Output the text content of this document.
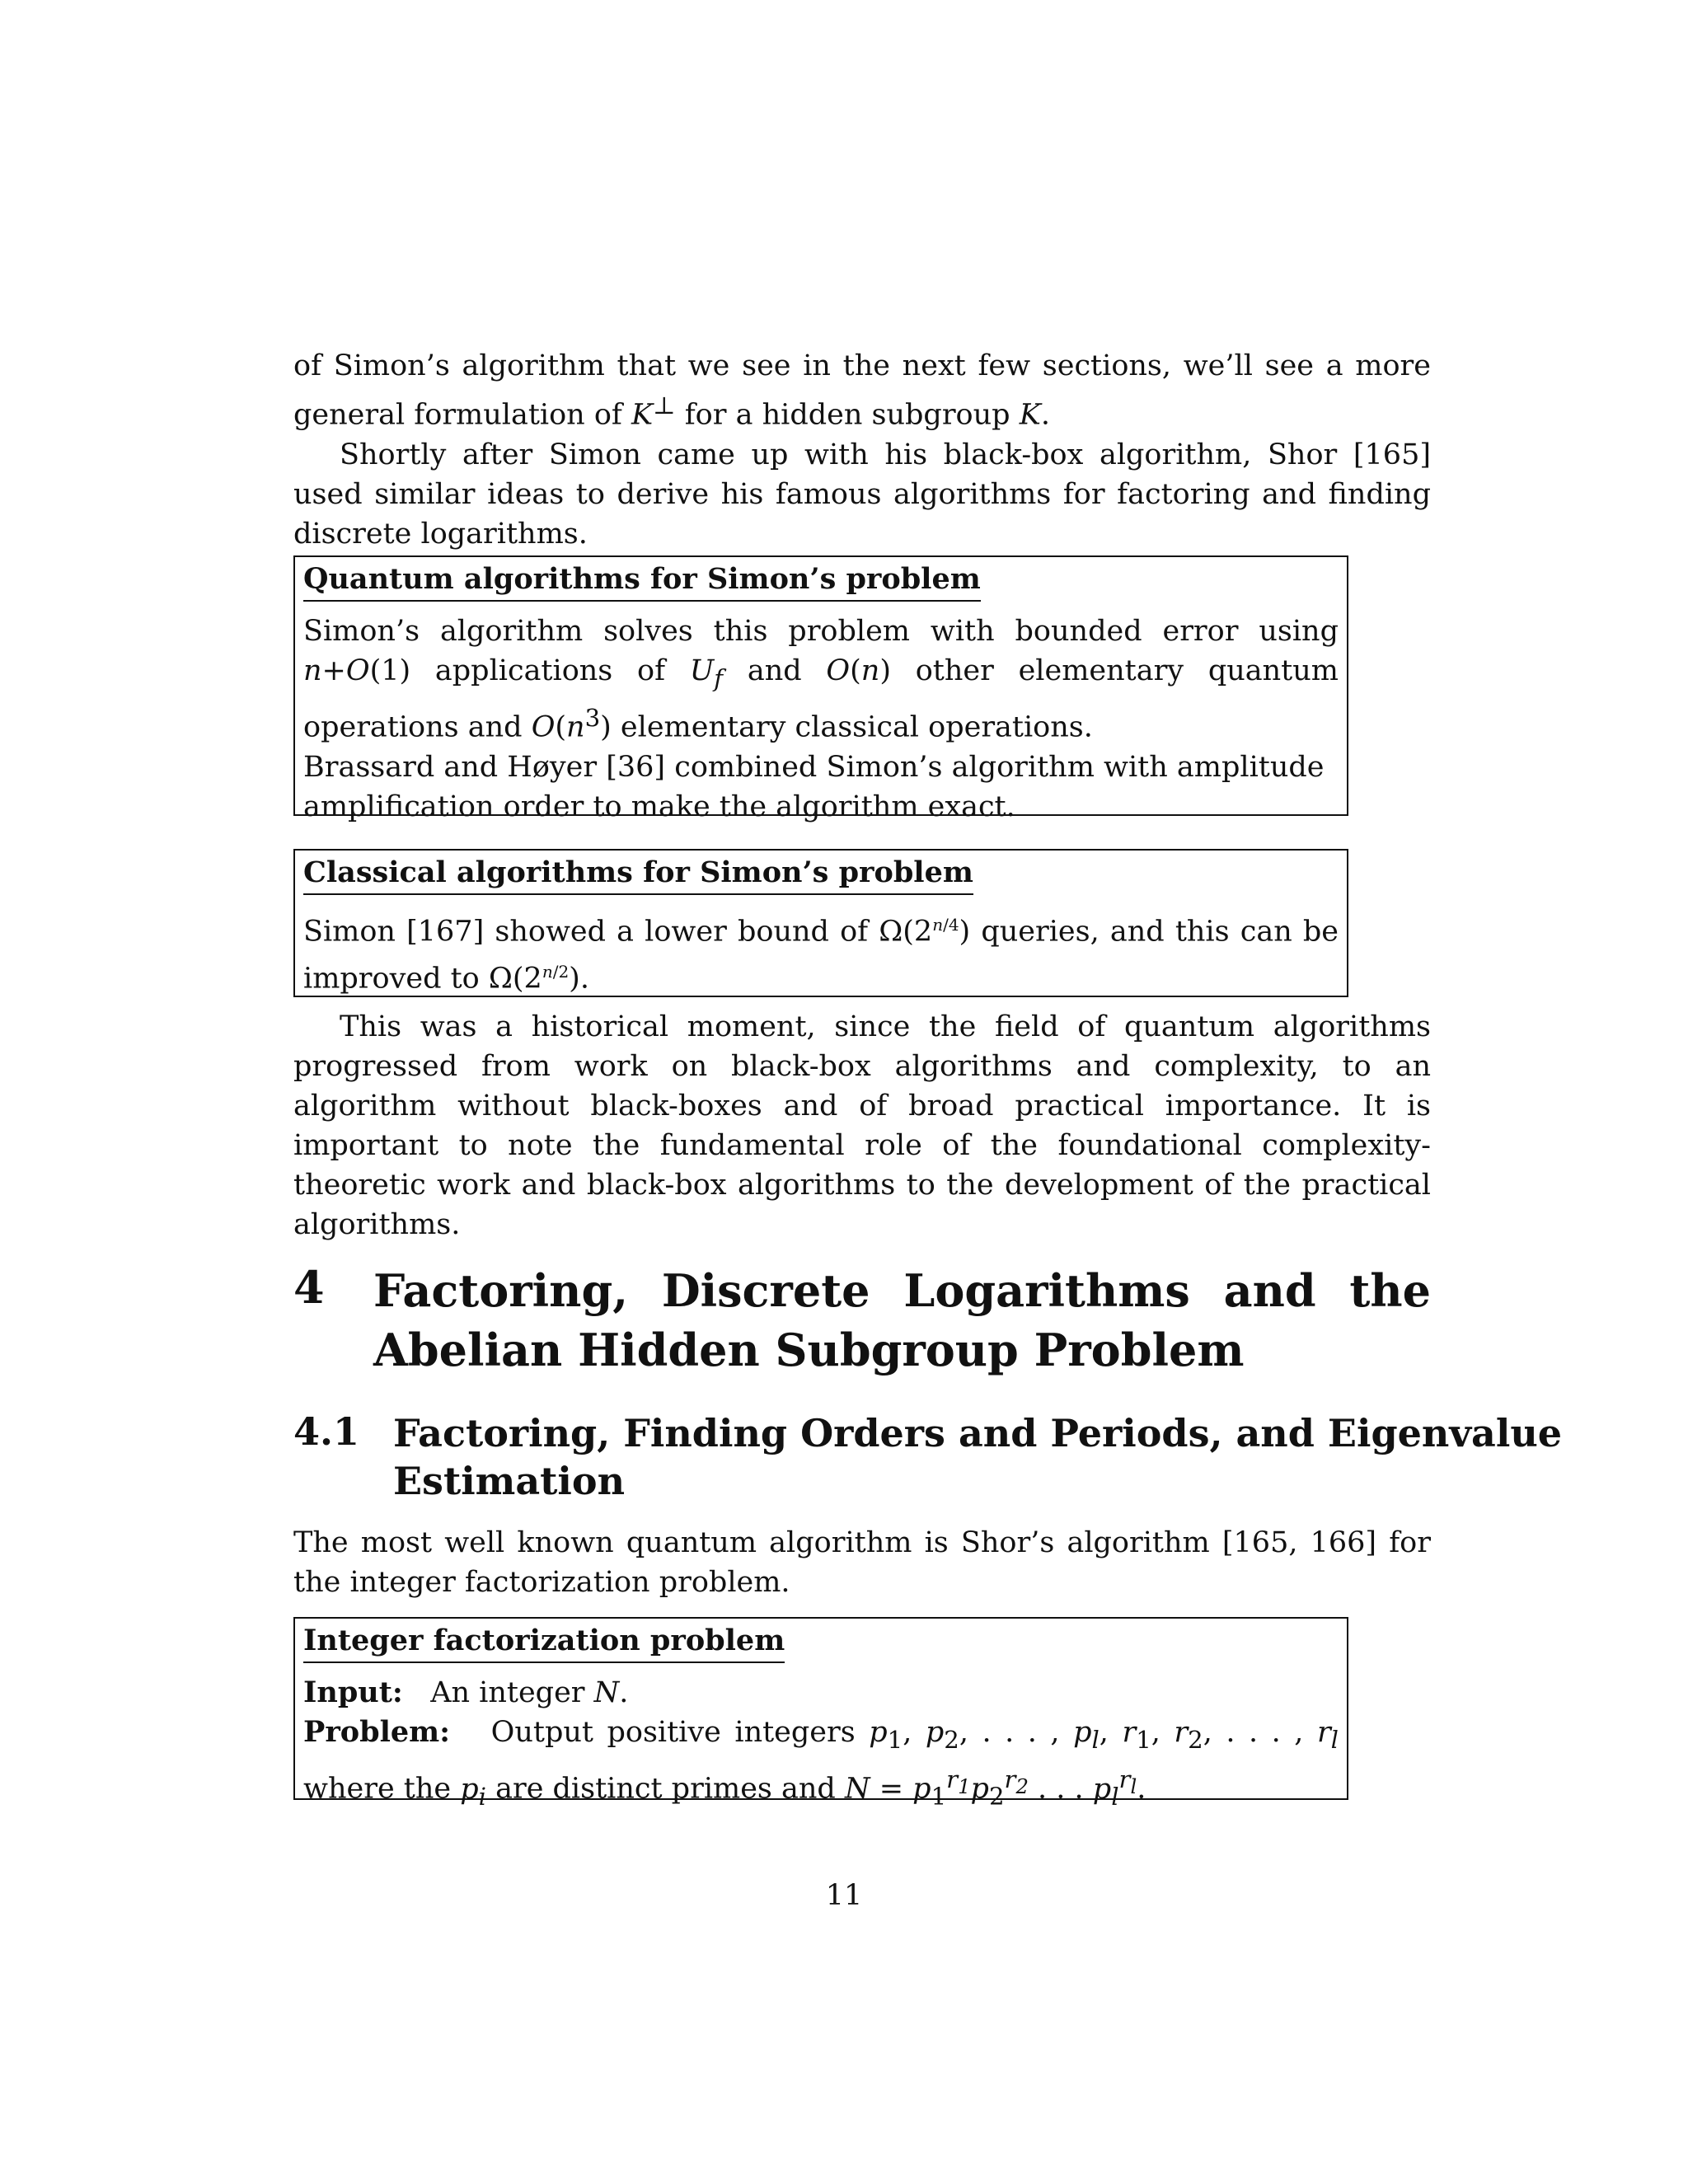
of Simon’s algorithm that we see in the next few sections, we’ll see a more general formulation of K⊥ for a hidden subgroup K.

Shortly after Simon came up with his black-box algorithm, Shor [165] used similar ideas to derive his famous algorithms for factoring and finding discrete logarithms.

Quantum algorithms for Simon’s problem

Simon’s algorithm solves this problem with bounded error using n+O(1) applications of $U_f$ and O(n) other elementary quantum operations and $O(n^3)$ elementary classical operations.

Brassard and Høyer [36] combined Simon’s algorithm with amplitude amplification order to make the algorithm exact.

Classical algorithms for Simon’s problem

Simon [167] showed a lower bound of $\Omega(2^{n/4})$ queries, and this can be improved to $\Omega(2^{n/2})$.

This was a historical moment, since the field of quantum algorithms progressed from work on black-box algorithms and complexity, to an algorithm without black-boxes and of broad practical importance. It is important to note the fundamental role of the foundational complexity-theoretic work and black-box algorithms to the development of the practical algorithms.

4 Factoring, Discrete Logarithms and the
Abelian Hidden Subgroup Problem
4.1 Factoring, Finding Orders and Periods, and Eigenvalue
Estimation

The most well known quantum algorithm is Shor’s algorithm [165, 166] for the integer factorization problem.

Integer factorization problem

Input:   An integer N.

Problem:   Output positive integers $p_1$, $p_2$, . . . , $p_l$, $r_1$, $r_2$, . . . , $r_l$ where the $p_i$ are distinct primes and $N = p_1^{r_1}p_2^{r_2}$ . . . $p_l^{r_l}$.

11
